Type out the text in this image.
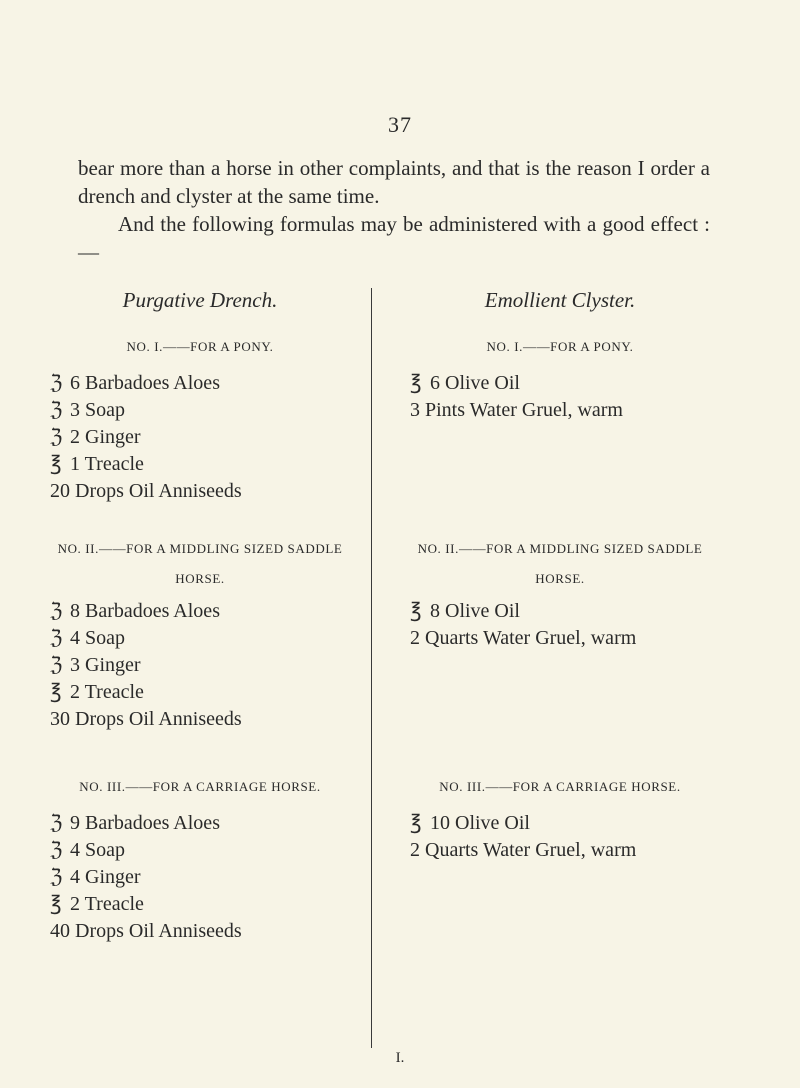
37

bear more than a horse in other complaints, and that is the reason I order a drench and clyster at the same time.

And the following formulas may be administered with a good effect :—

Purgative Drench.
NO. I.——FOR A PONY.
ℨ 6 Barbadoes Aloes
ℨ 3 Soap
ℨ 2 Ginger
℥ 1 Treacle
20 Drops Oil Anniseeds
NO. II.——FOR A MIDDLING SIZED SADDLE HORSE.
ℨ 8 Barbadoes Aloes
ℨ 4 Soap
ℨ 3 Ginger
℥ 2 Treacle
30 Drops Oil Anniseeds
NO. III.——FOR A CARRIAGE HORSE.
ℨ 9 Barbadoes Aloes
ℨ 4 Soap
ℨ 4 Ginger
℥ 2 Treacle
40 Drops Oil Anniseeds
Emollient Clyster.
NO. I.——FOR A PONY.
℥ 6 Olive Oil
3 Pints Water Gruel, warm
NO. II.——FOR A MIDDLING SIZED SADDLE HORSE.
℥ 8 Olive Oil
2 Quarts Water Gruel, warm
NO. III.——FOR A CARRIAGE HORSE.
℥ 10 Olive Oil
2 Quarts Water Gruel, warm
I.
